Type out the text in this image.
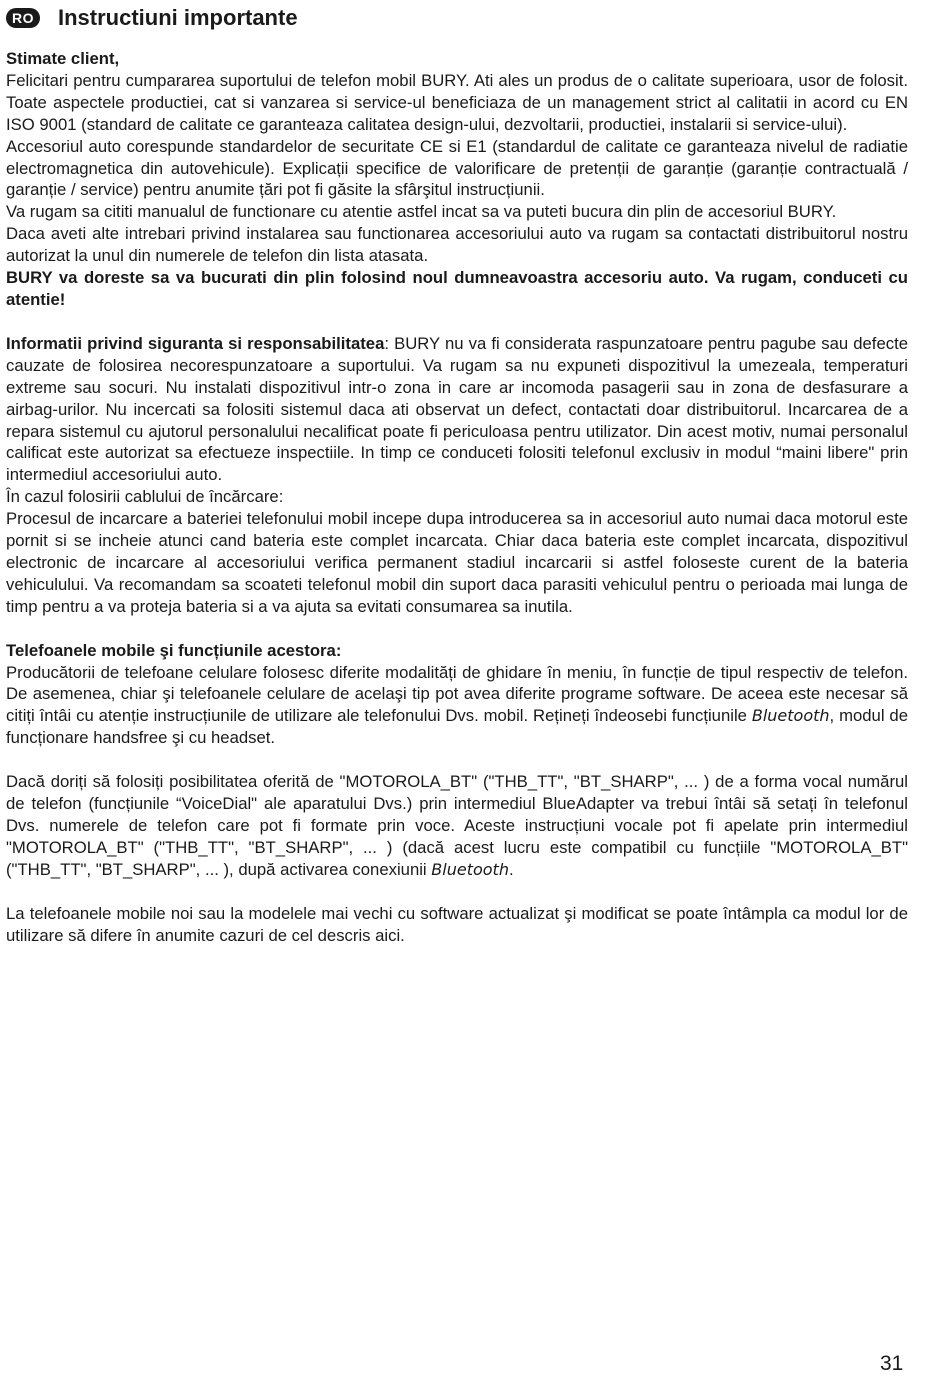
RO Instructiuni importante

Stimate client,

Felicitari pentru cumpararea suportului de telefon mobil BURY. Ati ales un produs de o calitate superioara, usor de folosit. Toate aspectele productiei, cat si vanzarea si service-ul beneficiaza de un management strict al calitatii in acord cu EN ISO 9001 (standard de calitate ce garanteaza calitatea design-ului, dezvoltarii, productiei, instalarii si service-ului).

Accesoriul auto corespunde standardelor de securitate CE si E1 (standardul de calitate ce garanteaza nivelul de radiatie electromagnetica din autovehicule). Explicații specifice de valorificare de pretenții de garanție (garanție contractuală / garanție / service) pentru anumite țări pot fi găsite la sfârşitul instrucțiunii.

Va rugam sa cititi manualul de functionare cu atentie astfel incat sa va puteti bucura din plin de accesoriul BURY.

Daca aveti alte intrebari privind instalarea sau functionarea accesoriului auto va rugam sa contactati distribuitorul nostru autorizat la unul din numerele de telefon din lista atasata.

BURY va doreste sa va bucurati din plin folosind noul dumneavoastra accesoriu auto. Va rugam, conduceti cu atentie!

Informatii privind siguranta si responsabilitatea: BURY nu va fi considerata raspunzatoare pentru pagube sau defecte cauzate de folosirea necorespunzatoare a suportului. Va rugam sa nu expuneti dispozitivul la umezeala, temperaturi extreme sau socuri. Nu instalati dispozitivul intr-o zona in care ar incomoda pasagerii sau in zona de desfasurare a airbag-urilor. Nu incercati sa folositi sistemul daca ati observat un defect, contactati doar distribuitorul. Incarcarea de a repara sistemul cu ajutorul personalului necalificat poate fi periculoasa pentru utilizator. Din acest motiv, numai personalul calificat este autorizat sa efectueze inspectiile. In timp ce conduceti folositi telefonul exclusiv in modul “maini libere" prin intermediul accesoriului auto.

În cazul folosirii cablului de încărcare:

Procesul de incarcare a bateriei telefonului mobil incepe dupa introducerea sa in accesoriul auto numai daca motorul este pornit si se incheie atunci cand bateria este complet incarcata. Chiar daca bateria este complet incarcata, dispozitivul electronic de incarcare al accesoriului verifica permanent stadiul incarcarii si astfel foloseste curent de la bateria vehiculului. Va recomandam sa scoateti telefonul mobil din suport daca parasiti vehiculul pentru o perioada mai lunga de timp pentru a va proteja bateria si a va ajuta sa evitati consumarea sa inutila.

Telefoanele mobile şi funcțiunile acestora:

Producătorii de telefoane celulare folosesc diferite modalități de ghidare în meniu, în funcție de tipul respectiv de telefon. De asemenea, chiar şi telefoanele celulare de acelaşi tip pot avea diferite programe software. De aceea este necesar să citiți întâi cu atenție instrucțiunile de utilizare ale telefonului Dvs. mobil. Rețineți îndeosebi funcțiunile Bluetooth, modul de funcționare handsfree şi cu headset.

Dacă doriți să folosiți posibilitatea oferită de "MOTOROLA_BT" ("THB_TT", "BT_SHARP", ... ) de a forma vocal numărul de telefon (funcțiunile “VoiceDial" ale aparatului Dvs.) prin intermediul BlueAdapter va trebui întâi să setați în telefonul Dvs. numerele de telefon care pot fi formate prin voce. Aceste instrucțiuni vocale pot fi apelate prin intermediul "MOTOROLA_BT" ("THB_TT", "BT_SHARP", ... ) (dacă acest lucru este compatibil cu funcțiile "MOTOROLA_BT" ("THB_TT", "BT_SHARP", ... ), după activarea conexiunii Bluetooth.

La telefoanele mobile noi sau la modelele mai vechi cu software actualizat şi modificat se poate întâmpla ca modul lor de utilizare să difere în anumite cazuri de cel descris aici.

31
